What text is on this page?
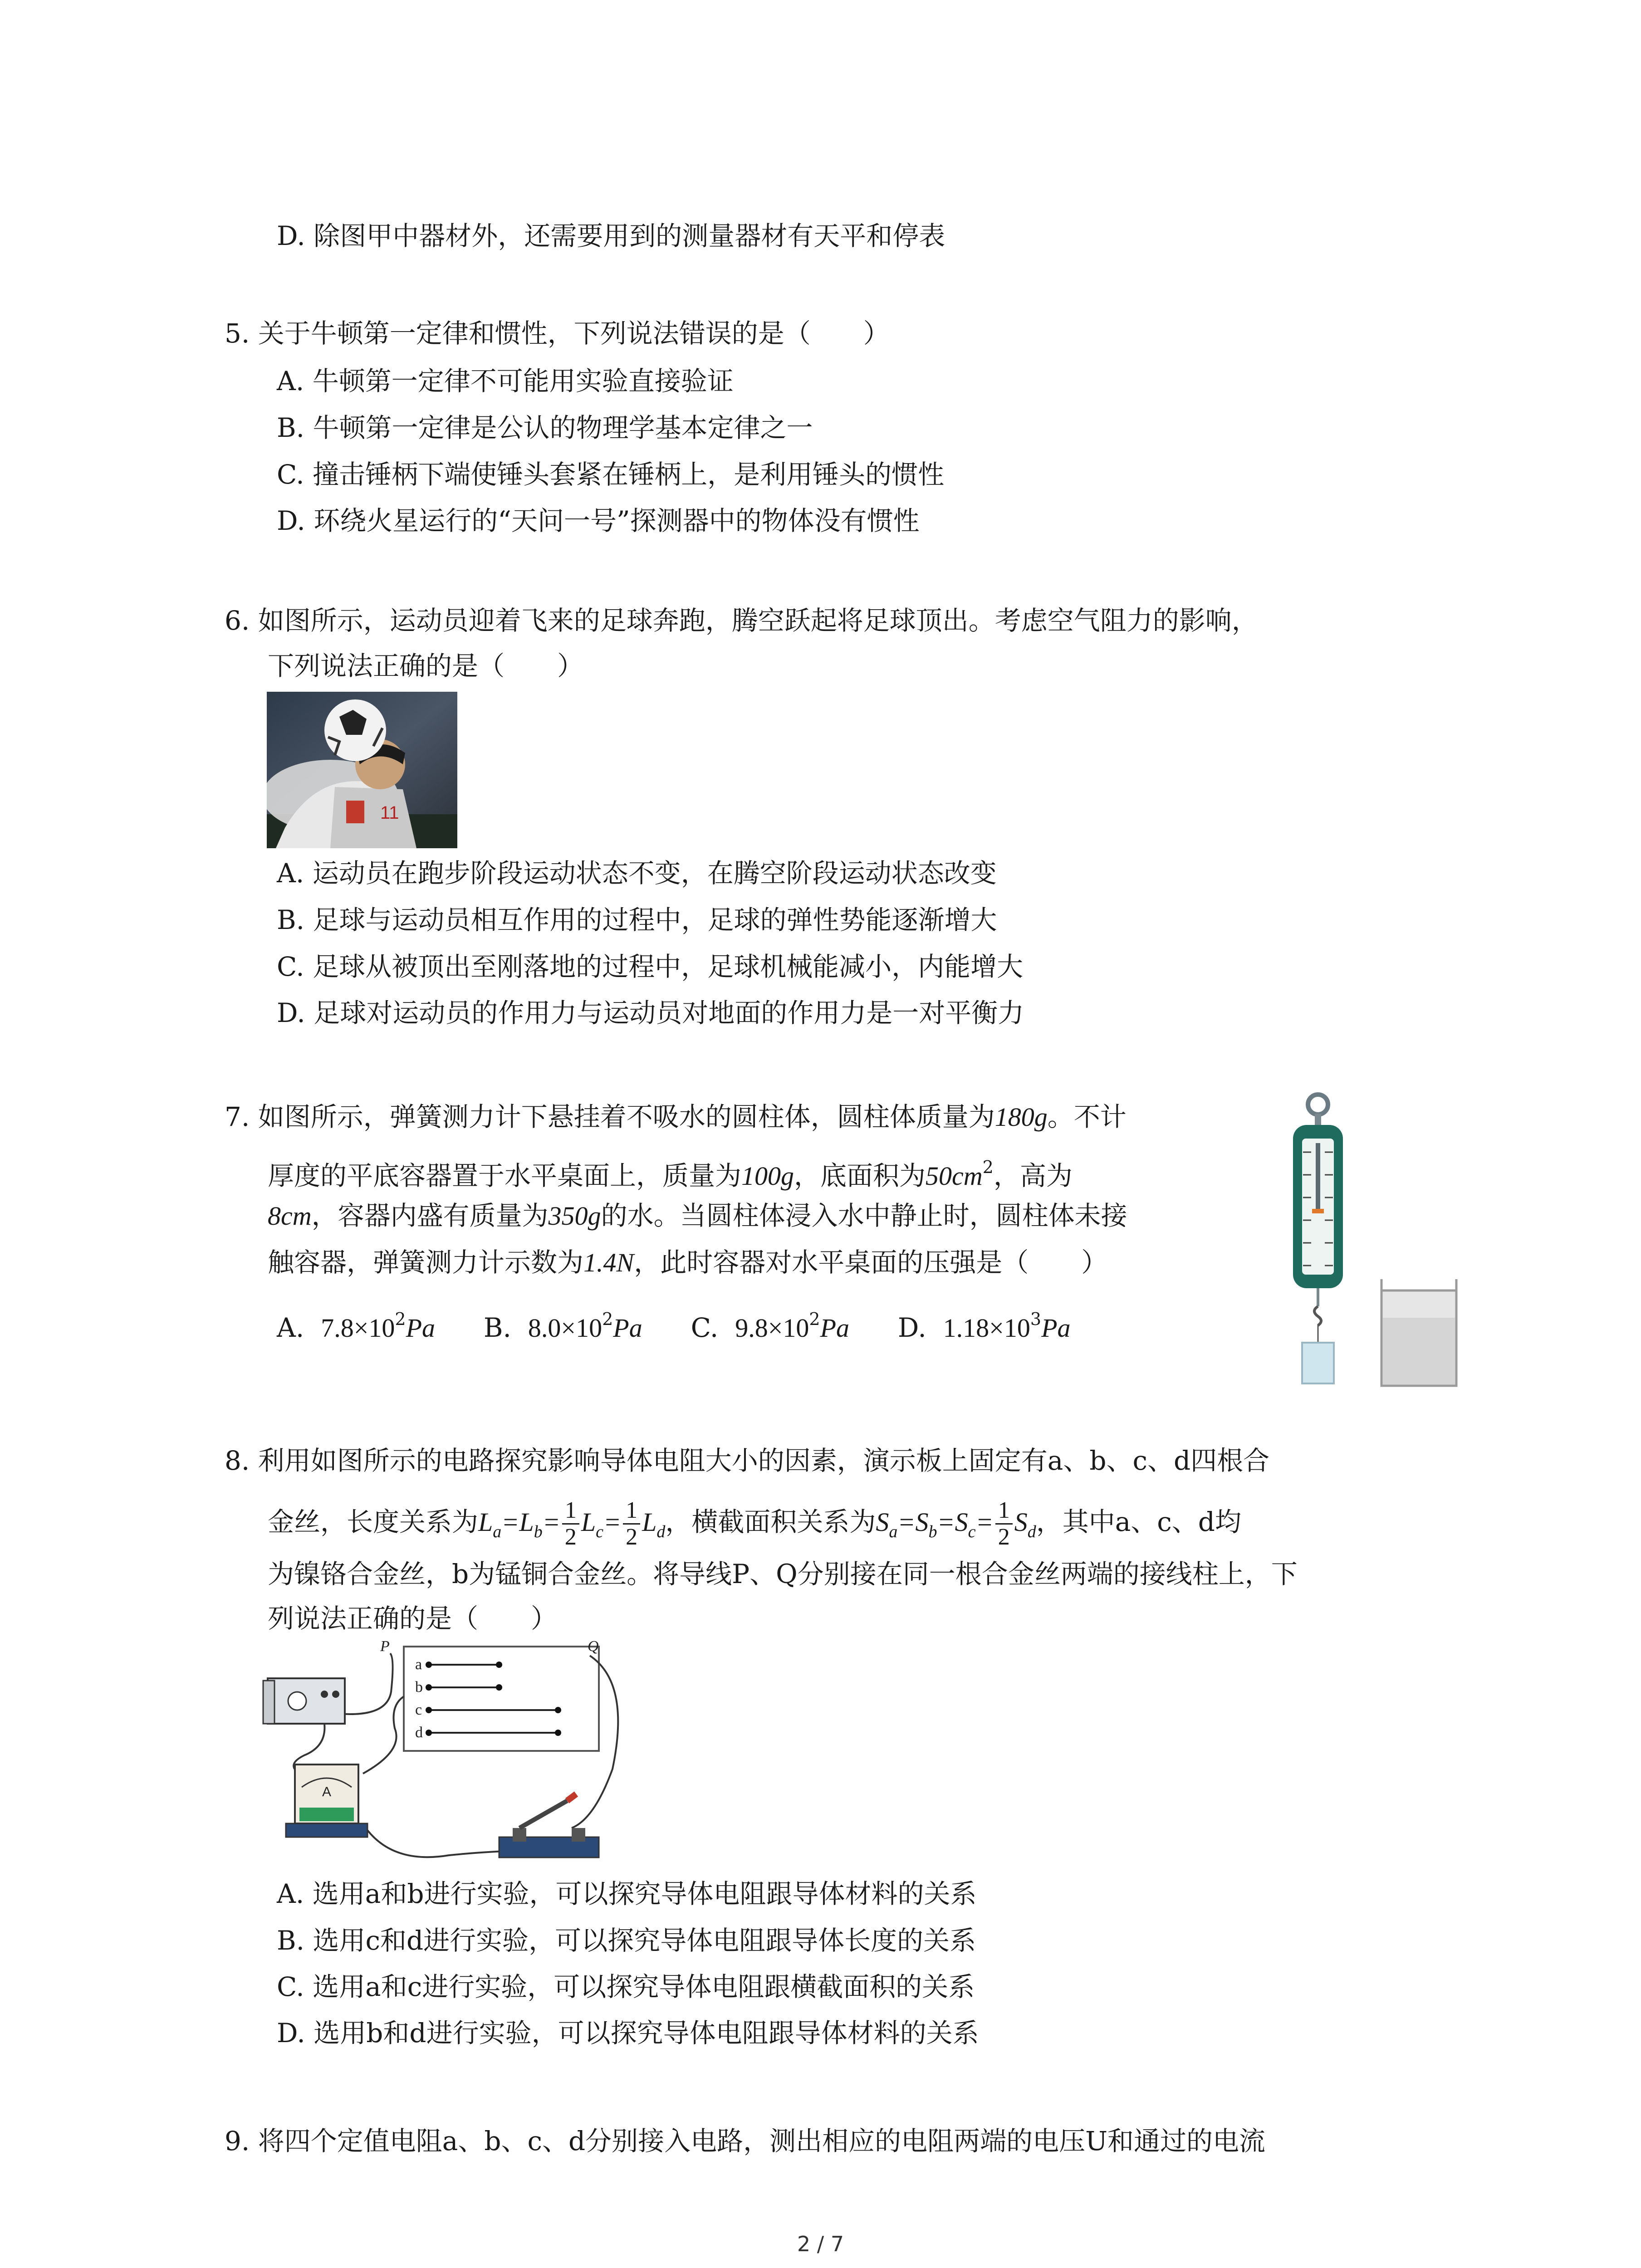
D. 除图甲中器材外，还需要用到的测量器材有天平和停表
5. 关于牛顿第一定律和惯性，下列说法错误的是（　　）
A. 牛顿第一定律不可能用实验直接验证
B. 牛顿第一定律是公认的物理学基本定律之一
C. 撞击锤柄下端使锤头套紧在锤柄上，是利用锤头的惯性
D. 环绕火星运行的“天问一号”探测器中的物体没有惯性
6. 如图所示，运动员迎着飞来的足球奔跑，腾空跃起将足球顶出。考虑空气阻力的影响，
下列说法正确的是（　　）
11
A. 运动员在跑步阶段运动状态不变，在腾空阶段运动状态改变
B. 足球与运动员相互作用的过程中，足球的弹性势能逐渐增大
C. 足球从被顶出至刚落地的过程中，足球机械能减小，内能增大
D. 足球对运动员的作用力与运动员对地面的作用力是一对平衡力
7. 如图所示，弹簧测力计下悬挂着不吸水的圆柱体，圆柱体质量为180g。不计
厚度的平底容器置于水平桌面上，质量为100g，底面积为$50cm^2$，高为
8cm，容器内盛有质量为350g的水。当圆柱体浸入水中静止时，圆柱体未接
触容器，弹簧测力计示数为1.4N，此时容器对水平桌面的压强是（　　）
A. $7.8\times 10^2Pa$ B. $8.0\times 10^2Pa$ C. $9.8\times 10^2Pa$ D. $1.18\times 10^3Pa$
8. 利用如图所示的电路探究影响导体电阻大小的因素，演示板上固定有a、b、c、d四根合
金丝，长度关系为$L_a=L_b= \frac{1}{2} L_c= \frac{1}{2} L_d$，横截面积关系为$S_a=S_b=S_c= \frac{1}{2} S_d$，其中a、c、d均
为镍铬合金丝，b为锰铜合金丝。将导线P、Q分别接在同一根合金丝两端的接线柱上，下
列说法正确的是（　　）
a
b
c
d
P	Q
A
A. 选用a和b进行实验，可以探究导体电阻跟导体材料的关系
B. 选用c和d进行实验，可以探究导体电阻跟导体长度的关系
C. 选用a和c进行实验，可以探究导体电阻跟横截面积的关系
D. 选用b和d进行实验，可以探究导体电阻跟导体材料的关系
9. 将四个定值电阻a、b、c、d分别接入电路，测出相应的电阻两端的电压U和通过的电流
2 / 7
